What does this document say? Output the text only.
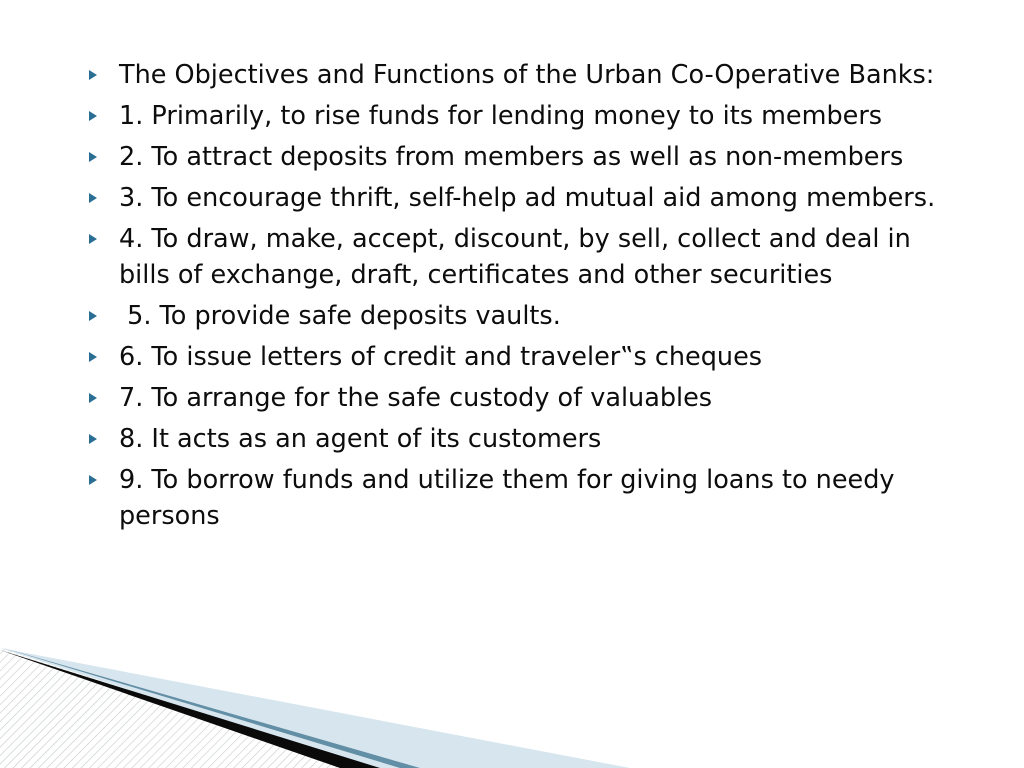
The Objectives and Functions of the Urban Co-Operative Banks:
1. Primarily, to rise funds for lending money to its members
2. To attract deposits from members as well as non-members
3. To encourage thrift, self-help ad mutual aid among members.
4. To draw, make, accept, discount, by sell, collect and deal in bills of exchange, draft, certificates and other securities
5. To provide safe deposits vaults.
6. To issue letters of credit and traveler‟s cheques
7. To arrange for the safe custody of valuables
8. It acts as an agent of its customers
9. To borrow funds and utilize them for giving loans to needy persons
